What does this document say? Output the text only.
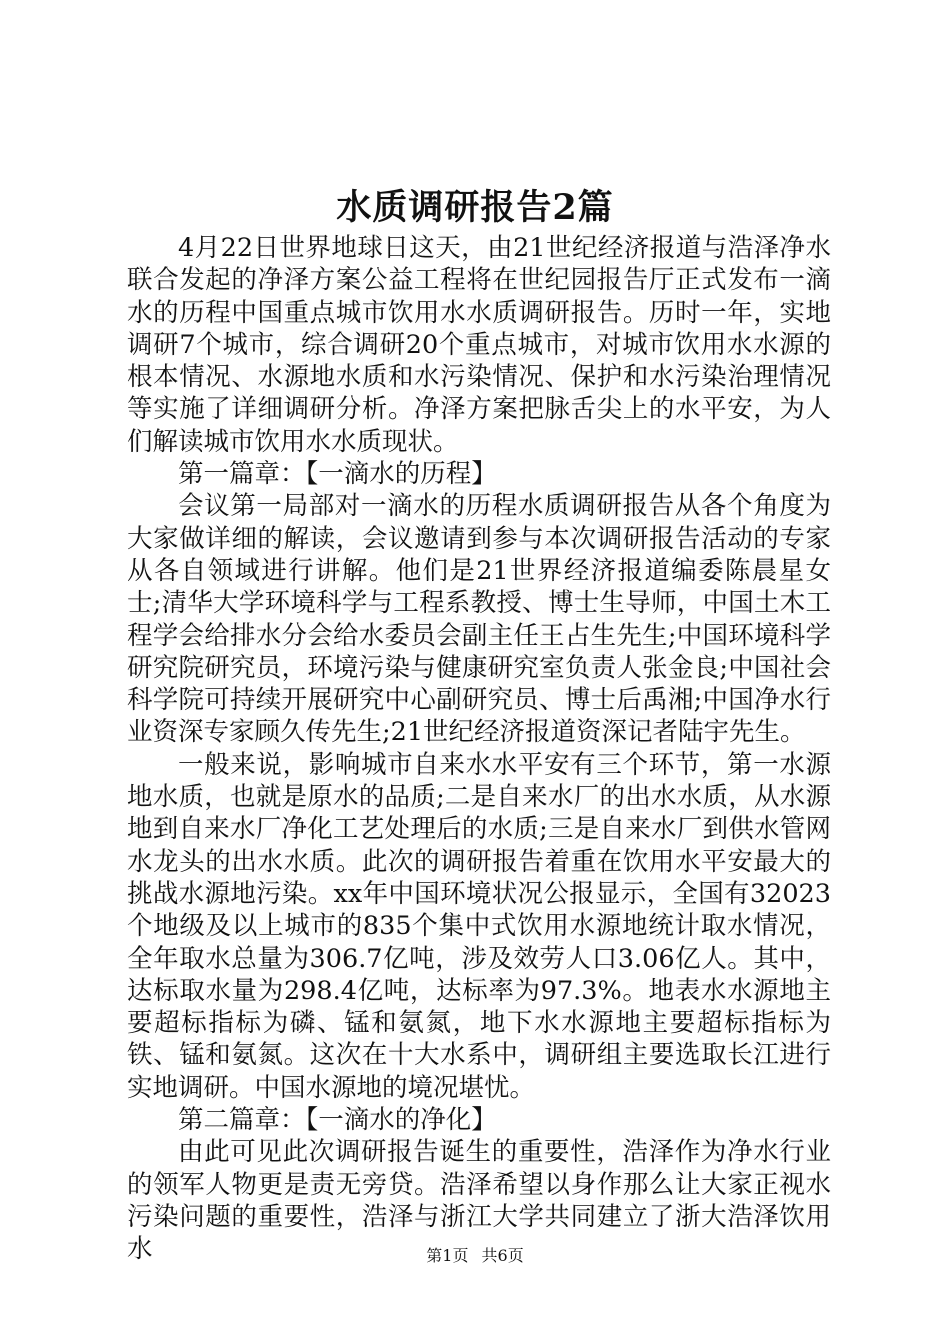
水质调研报告2篇

4月22日世界地球日这天，由21世纪经济报道与浩泽净水联合发起的净泽方案公益工程将在世纪园报告厅正式发布一滴水的历程中国重点城市饮用水水质调研报告。历时一年，实地调研7个城市，综合调研20个重点城市，对城市饮用水水源的根本情况、水源地水质和水污染情况、保护和水污染治理情况等实施了详细调研分析。净泽方案把脉舌尖上的水平安，为人们解读城市饮用水水质现状。

第一篇章：【一滴水的历程】

会议第一局部对一滴水的历程水质调研报告从各个角度为大家做详细的解读，会议邀请到参与本次调研报告活动的专家从各自领域进行讲解。他们是21世界经济报道编委陈晨星女士;清华大学环境科学与工程系教授、博士生导师，中国土木工程学会给排水分会给水委员会副主任王占生先生;中国环境科学研究院研究员，环境污染与健康研究室负责人张金良;中国社会科学院可持续开展研究中心副研究员、博士后禹湘;中国净水行业资深专家顾久传先生;21世纪经济报道资深记者陆宇先生。

一般来说，影响城市自来水水平安有三个环节，第一水源地水质，也就是原水的品质;二是自来水厂的出水水质，从水源地到自来水厂净化工艺处理后的水质;三是自来水厂到供水管网水龙头的出水水质。此次的调研报告着重在饮用水平安最大的挑战水源地污染。xx年中国环境状况公报显示，全国有32023个地级及以上城市的835个集中式饮用水源地统计取水情况，全年取水总量为306.7亿吨，涉及效劳人口3.06亿人。其中，达标取水量为298.4亿吨，达标率为97.3%。地表水水源地主要超标指标为磷、锰和氨氮，地下水水源地主要超标指标为铁、锰和氨氮。这次在十大水系中，调研组主要选取长江进行实地调研。中国水源地的境况堪忧。

第二篇章：【一滴水的净化】

由此可见此次调研报告诞生的重要性，浩泽作为净水行业的领军人物更是责无旁贷。浩泽希望以身作那么让大家正视水污染问题的重要性，浩泽与浙江大学共同建立了浙大浩泽饮用水	第1页 共6页
